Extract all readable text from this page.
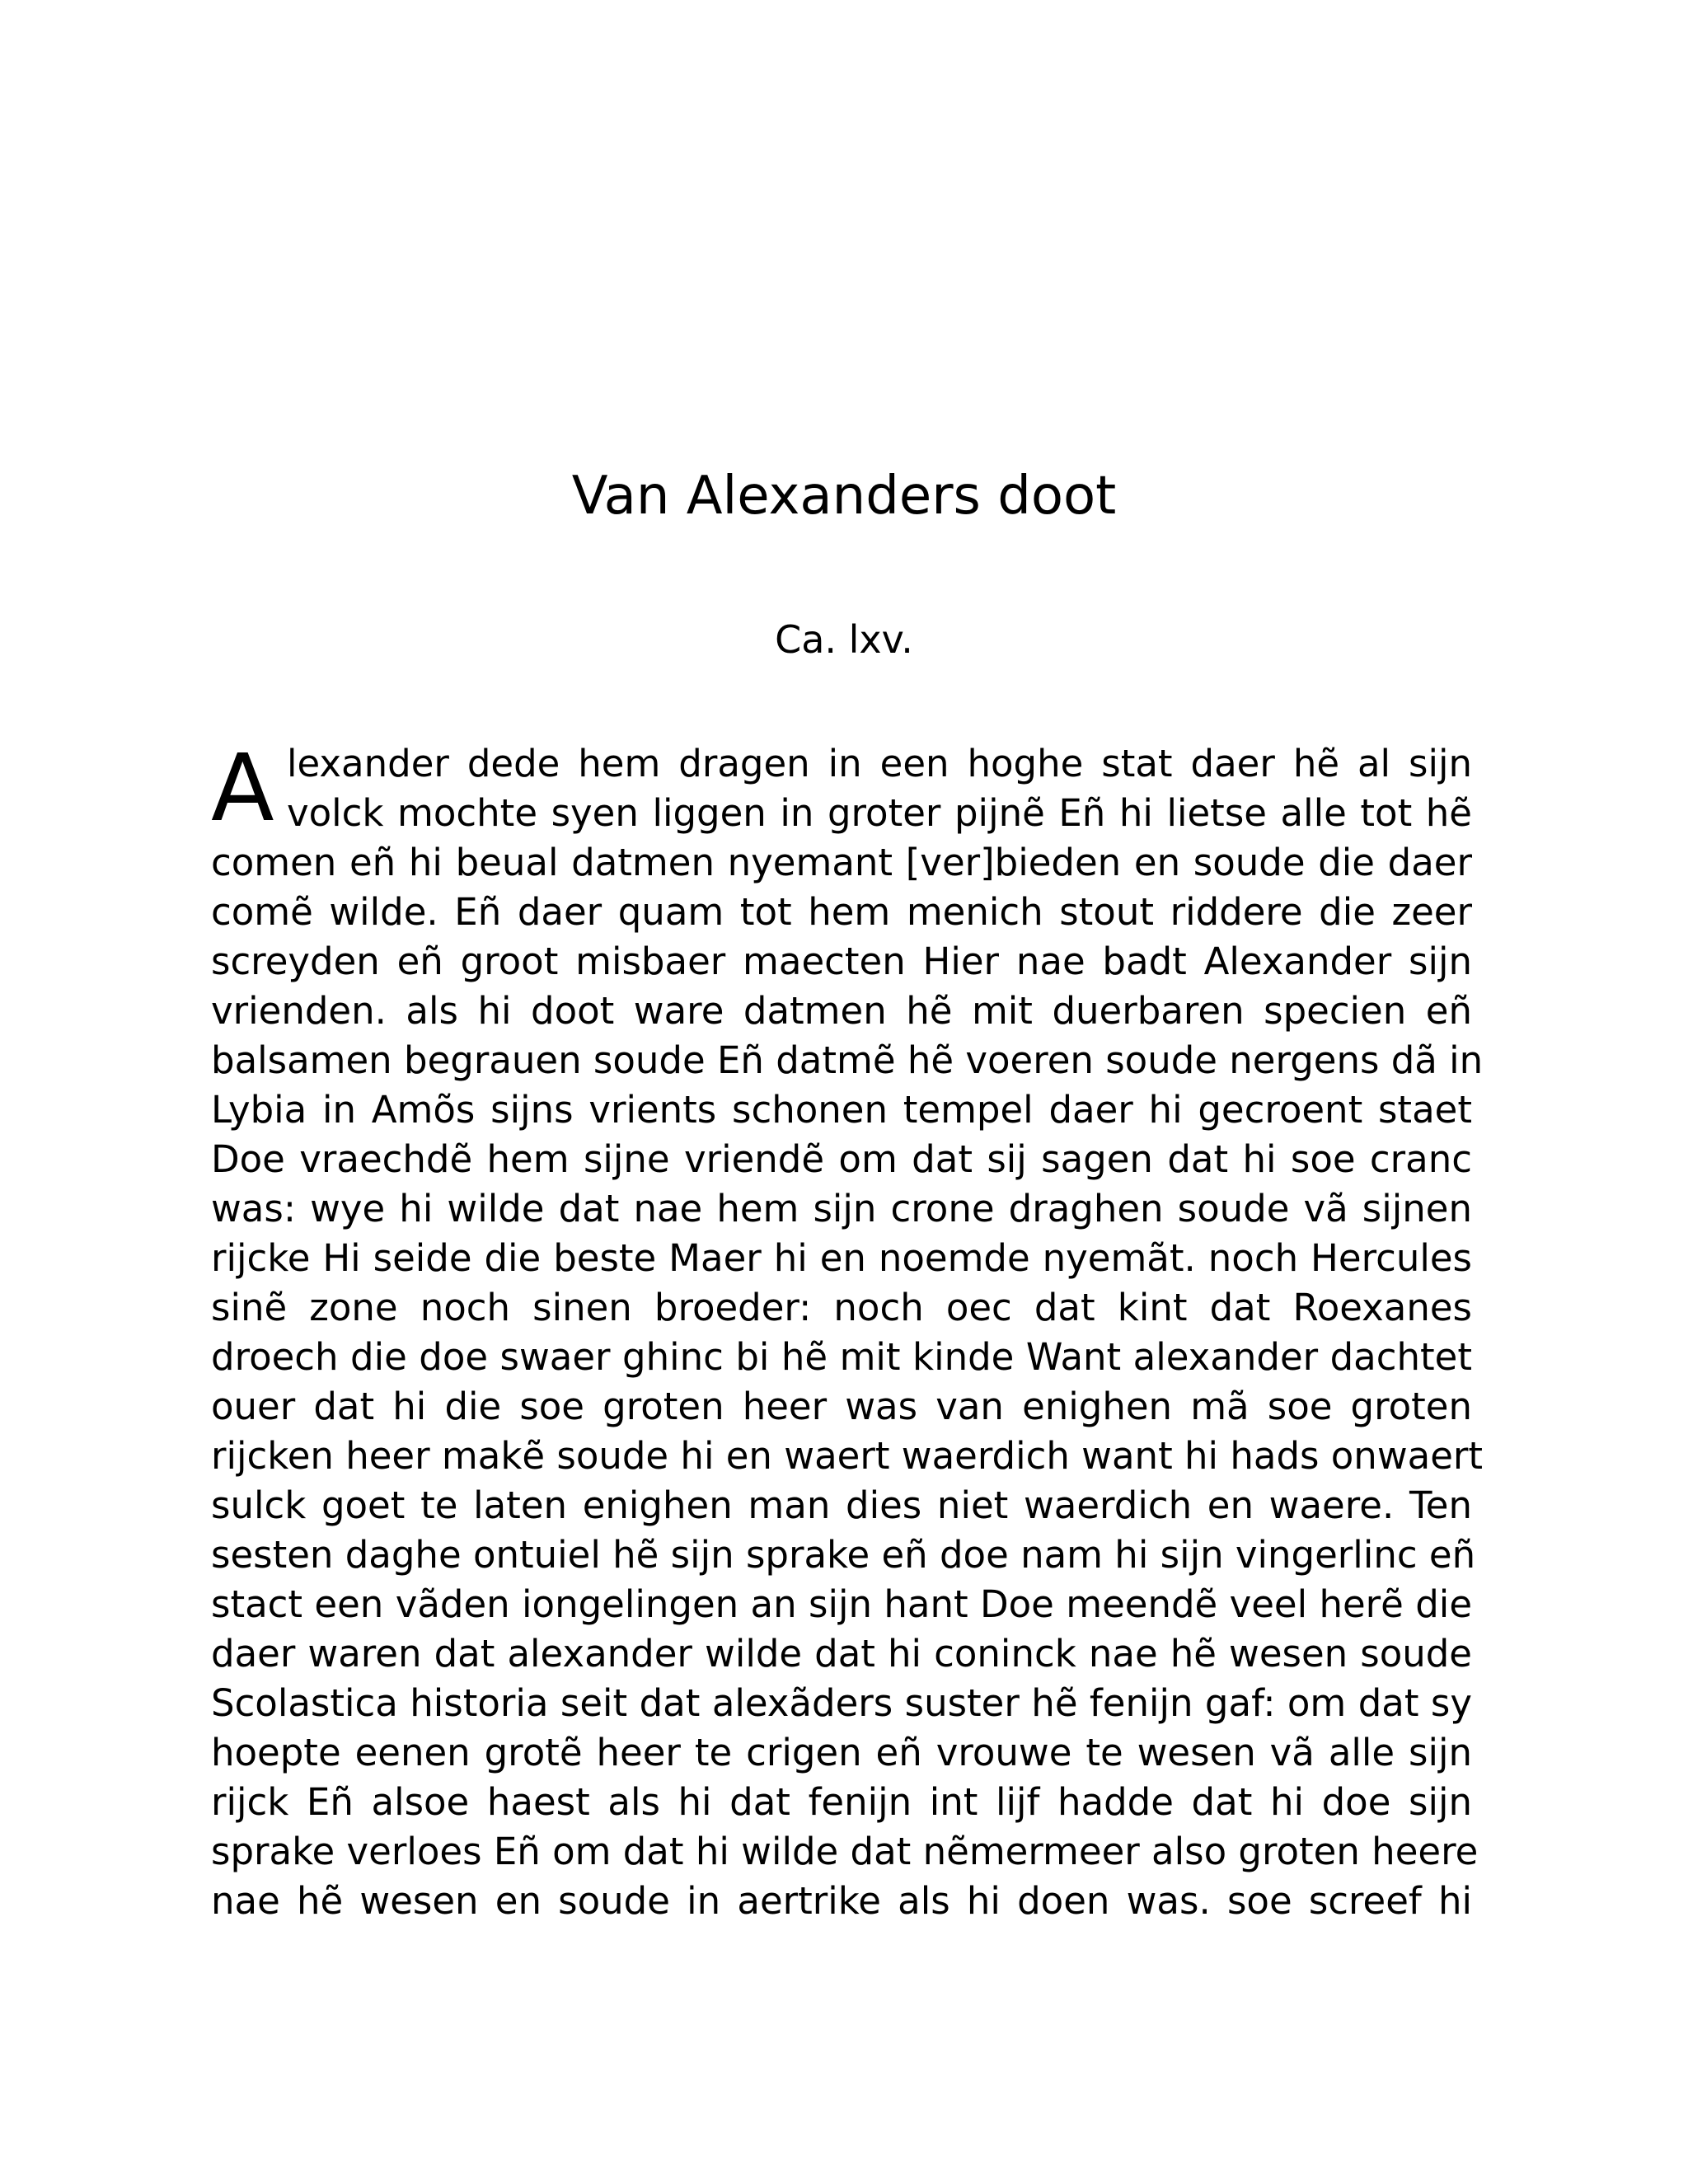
Van Alexanders doot
Ca. lxv.
A lexander dede hem dragen in een hoghe stat daer hẽ al sijn
volck mochte syen liggen in groter pijnẽ Eñ hi lietse alle tot hẽ
comen eñ hi beual datmen nyemant [ver]bieden en soude die daer
comẽ wilde. Eñ daer quam tot hem menich stout riddere die zeer
screyden eñ groot misbaer maecten Hier nae badt Alexander sijn
vrienden. als hi doot ware datmen hẽ mit duerbaren specien eñ
balsamen begrauen soude Eñ datmẽ hẽ voeren soude nergens dã in
Lybia in Amõs sijns vrients schonen tempel daer hi gecroent staet
Doe vraechdẽ hem sijne vriendẽ om dat sij sagen dat hi soe cranc
was: wye hi wilde dat nae hem sijn crone draghen soude vã sijnen
rijcke Hi seide die beste Maer hi en noemde nyemãt. noch Hercules
sinẽ zone noch sinen broeder: noch oec dat kint dat Roexanes
droech die doe swaer ghinc bi hẽ mit kinde Want alexander dachtet
ouer dat hi die soe groten heer was van enighen mã soe groten
rijcken heer makẽ soude hi en waert waerdich want hi hads onwaert
sulck goet te laten enighen man dies niet waerdich en waere. Ten
sesten daghe ontuiel hẽ sijn sprake eñ doe nam hi sijn vingerlinc eñ
stact een vãden iongelingen an sijn hant Doe meendẽ veel herẽ die
daer waren dat alexander wilde dat hi coninck nae hẽ wesen soude
Scolastica historia seit dat alexãders suster hẽ fenijn gaf: om dat sy
hoepte eenen grotẽ heer te crigen eñ vrouwe te wesen vã alle sijn
rijck Eñ alsoe haest als hi dat fenijn int lijf hadde dat hi doe sijn
sprake verloes Eñ om dat hi wilde dat nẽmermeer also groten heere
nae hẽ wesen en soude in aertrike als hi doen was. soe screef hi
